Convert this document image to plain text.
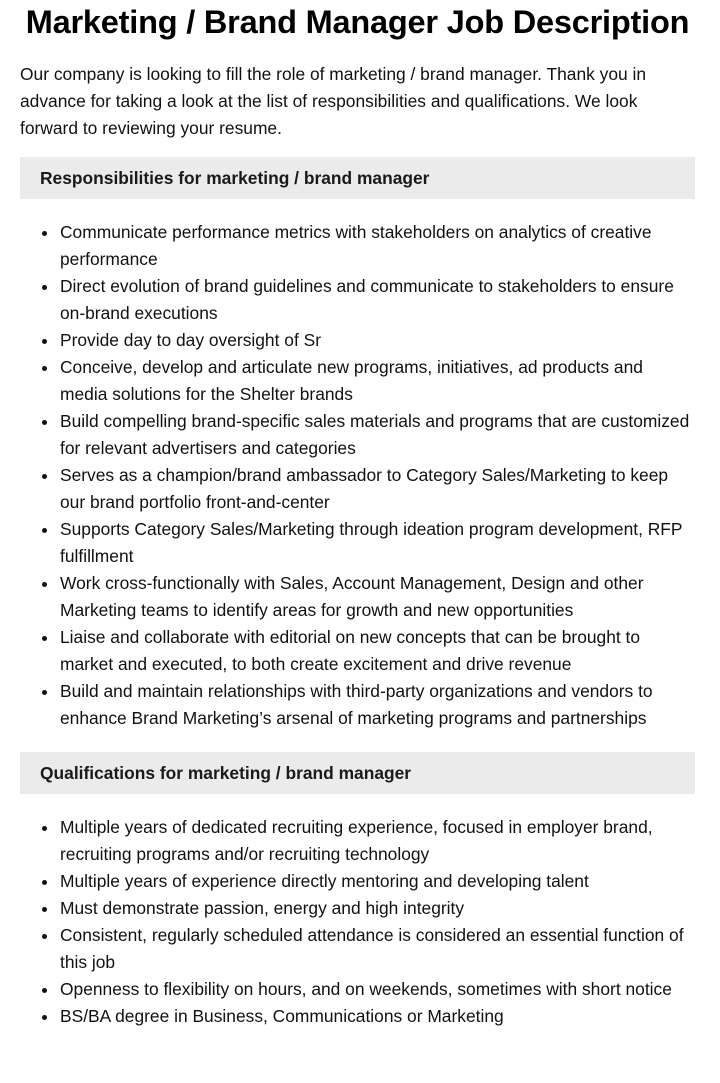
Marketing / Brand Manager Job Description

Our company is looking to fill the role of marketing / brand manager. Thank you in advance for taking a look at the list of responsibilities and qualifications. We look forward to reviewing your resume.

Responsibilities for marketing / brand manager
Communicate performance metrics with stakeholders on analytics of creative performance
Direct evolution of brand guidelines and communicate to stakeholders to ensure on-brand executions
Provide day to day oversight of Sr
Conceive, develop and articulate new programs, initiatives, ad products and media solutions for the Shelter brands
Build compelling brand-specific sales materials and programs that are customized for relevant advertisers and categories
Serves as a champion/brand ambassador to Category Sales/Marketing to keep our brand portfolio front-and-center
Supports Category Sales/Marketing through ideation program development, RFP fulfillment
Work cross-functionally with Sales, Account Management, Design and other Marketing teams to identify areas for growth and new opportunities
Liaise and collaborate with editorial on new concepts that can be brought to market and executed, to both create excitement and drive revenue
Build and maintain relationships with third-party organizations and vendors to enhance Brand Marketing’s arsenal of marketing programs and partnerships
Qualifications for marketing / brand manager
Multiple years of dedicated recruiting experience, focused in employer brand, recruiting programs and/or recruiting technology
Multiple years of experience directly mentoring and developing talent
Must demonstrate passion, energy and high integrity
Consistent, regularly scheduled attendance is considered an essential function of this job
Openness to flexibility on hours, and on weekends, sometimes with short notice
BS/BA degree in Business, Communications or Marketing
